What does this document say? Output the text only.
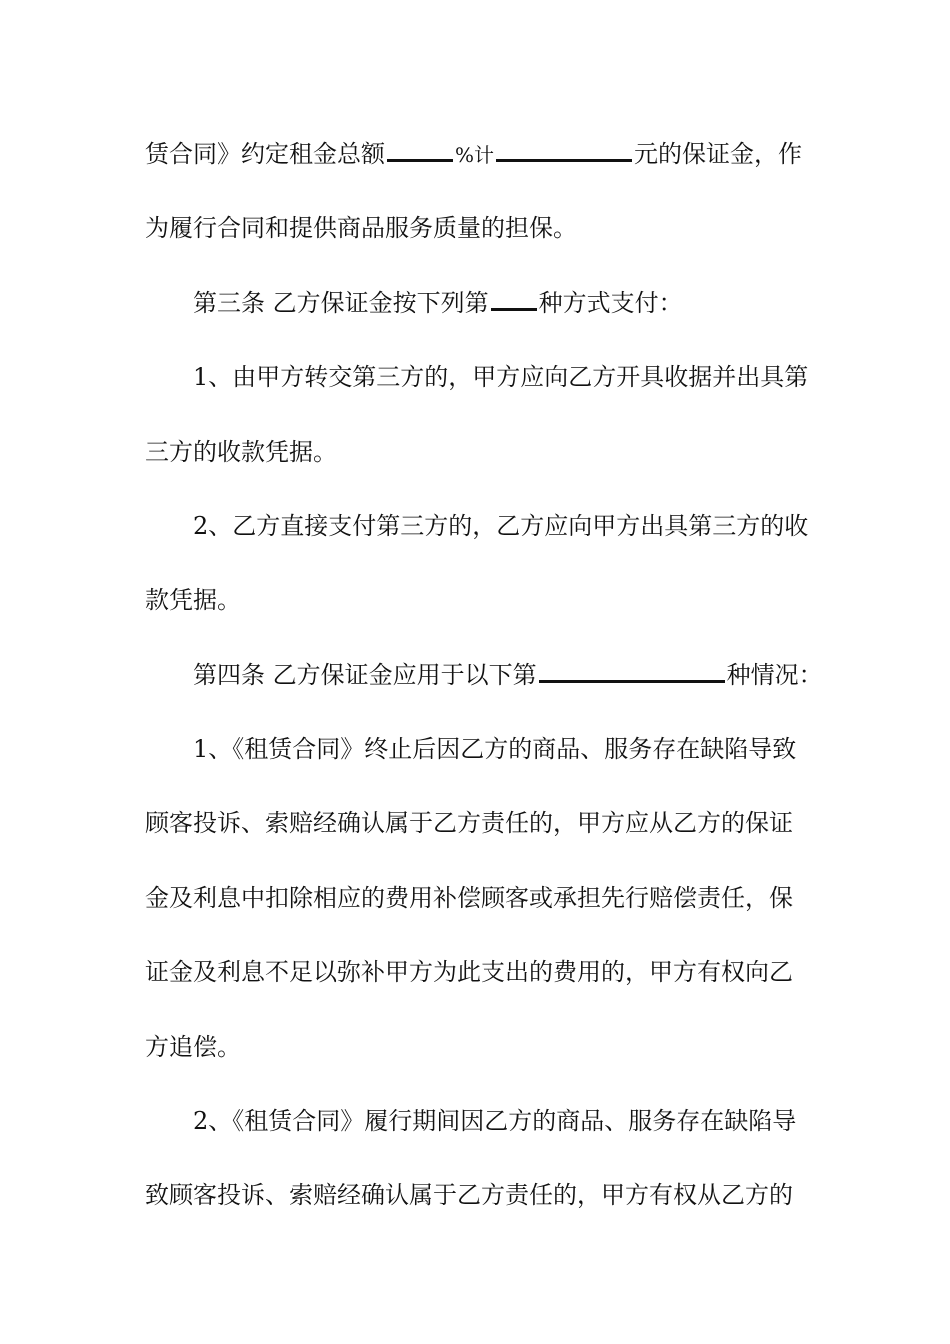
赁合同》约定租金总额	%计	元的保证金，作

为履行合同和提供商品服务质量的担保。

第三条 乙方保证金按下列第 种方式支付：

1、由甲方转交第三方的，甲方应向乙方开具收据并出具第

三方的收款凭据。

2、乙方直接支付第三方的，乙方应向甲方出具第三方的收

款凭据。

第四条 乙方保证金应用于以下第	种情况：

1、《租赁合同》终止后因乙方的商品、服务存在缺陷导致

顾客投诉、索赔经确认属于乙方责任的，甲方应从乙方的保证

金及利息中扣除相应的费用补偿顾客或承担先行赔偿责任，保

证金及利息不足以弥补甲方为此支出的费用的，甲方有权向乙

方追偿。

2、《租赁合同》履行期间因乙方的商品、服务存在缺陷导

致顾客投诉、索赔经确认属于乙方责任的，甲方有权从乙方的
